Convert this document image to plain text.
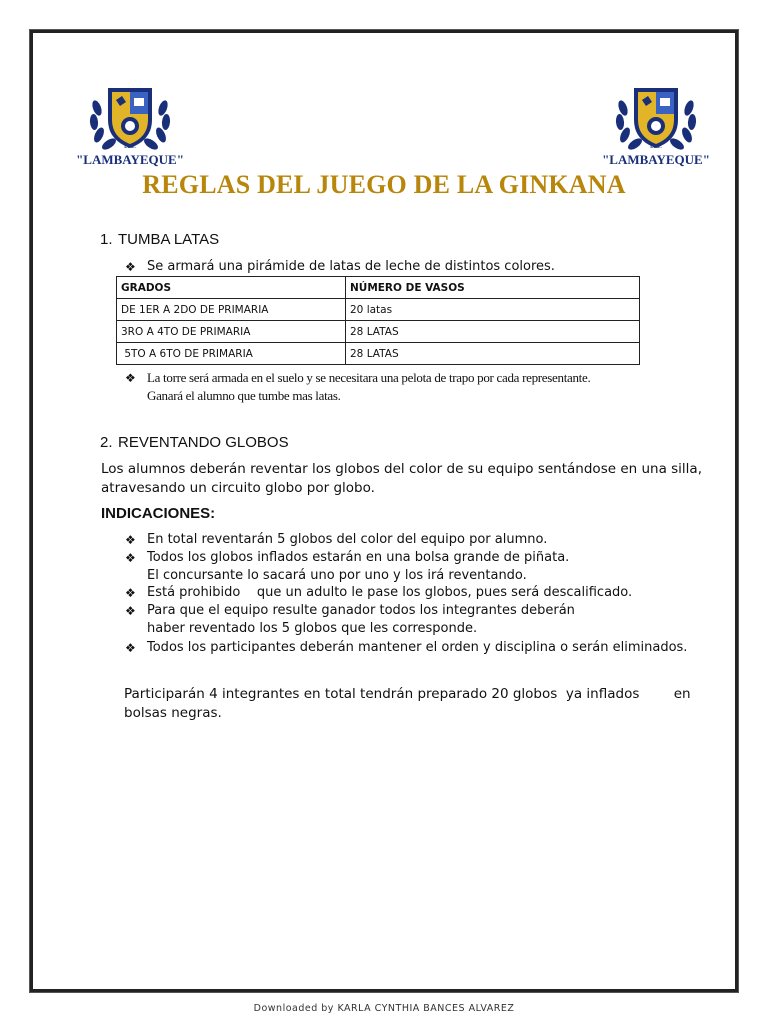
I.E.P.
"LAMBAYEQUE"
I.E.P.
"LAMBAYEQUE"
REGLAS DEL JUEGO DE LA GINKANA
1. TUMBA LATAS
❖ Se armará una pirámide de latas de leche de distintos colores.
GRADOS	NÚMERO DE VASOS
DE 1ER A 2DO DE PRIMARIA	20 latas
3RO A 4TO DE PRIMARIA	28 LATAS
5TO A 6TO DE PRIMARIA	28 LATAS
❖ La torre será armada en el suelo y se necesitara una pelota de trapo por cada representante.
Ganará el alumno que tumbe mas latas.
2. REVENTANDO GLOBOS
Los alumnos deberán reventar los globos del color de su equipo sentándose en una silla,
atravesando un circuito globo por globo.
INDICACIONES:
❖ En total reventarán 5 globos del color del equipo por alumno.
❖ Todos los globos inflados estarán en una bolsa grande de piñata.
El concursante lo sacará uno por uno y los irá reventando.
❖ Está prohibido    que un adulto le pase los globos, pues será descalificado.
❖ Para que el equipo resulte ganador todos los integrantes deberán
haber reventado los 5 globos que les corresponde.
❖ Todos los participantes deberán mantener el orden y disciplina o serán eliminados.
Participarán 4 integrantes en total tendrán preparado 20 globos  ya inflados        en
bolsas negras.
Downloaded by KARLA CYNTHIA BANCES ALVAREZ
